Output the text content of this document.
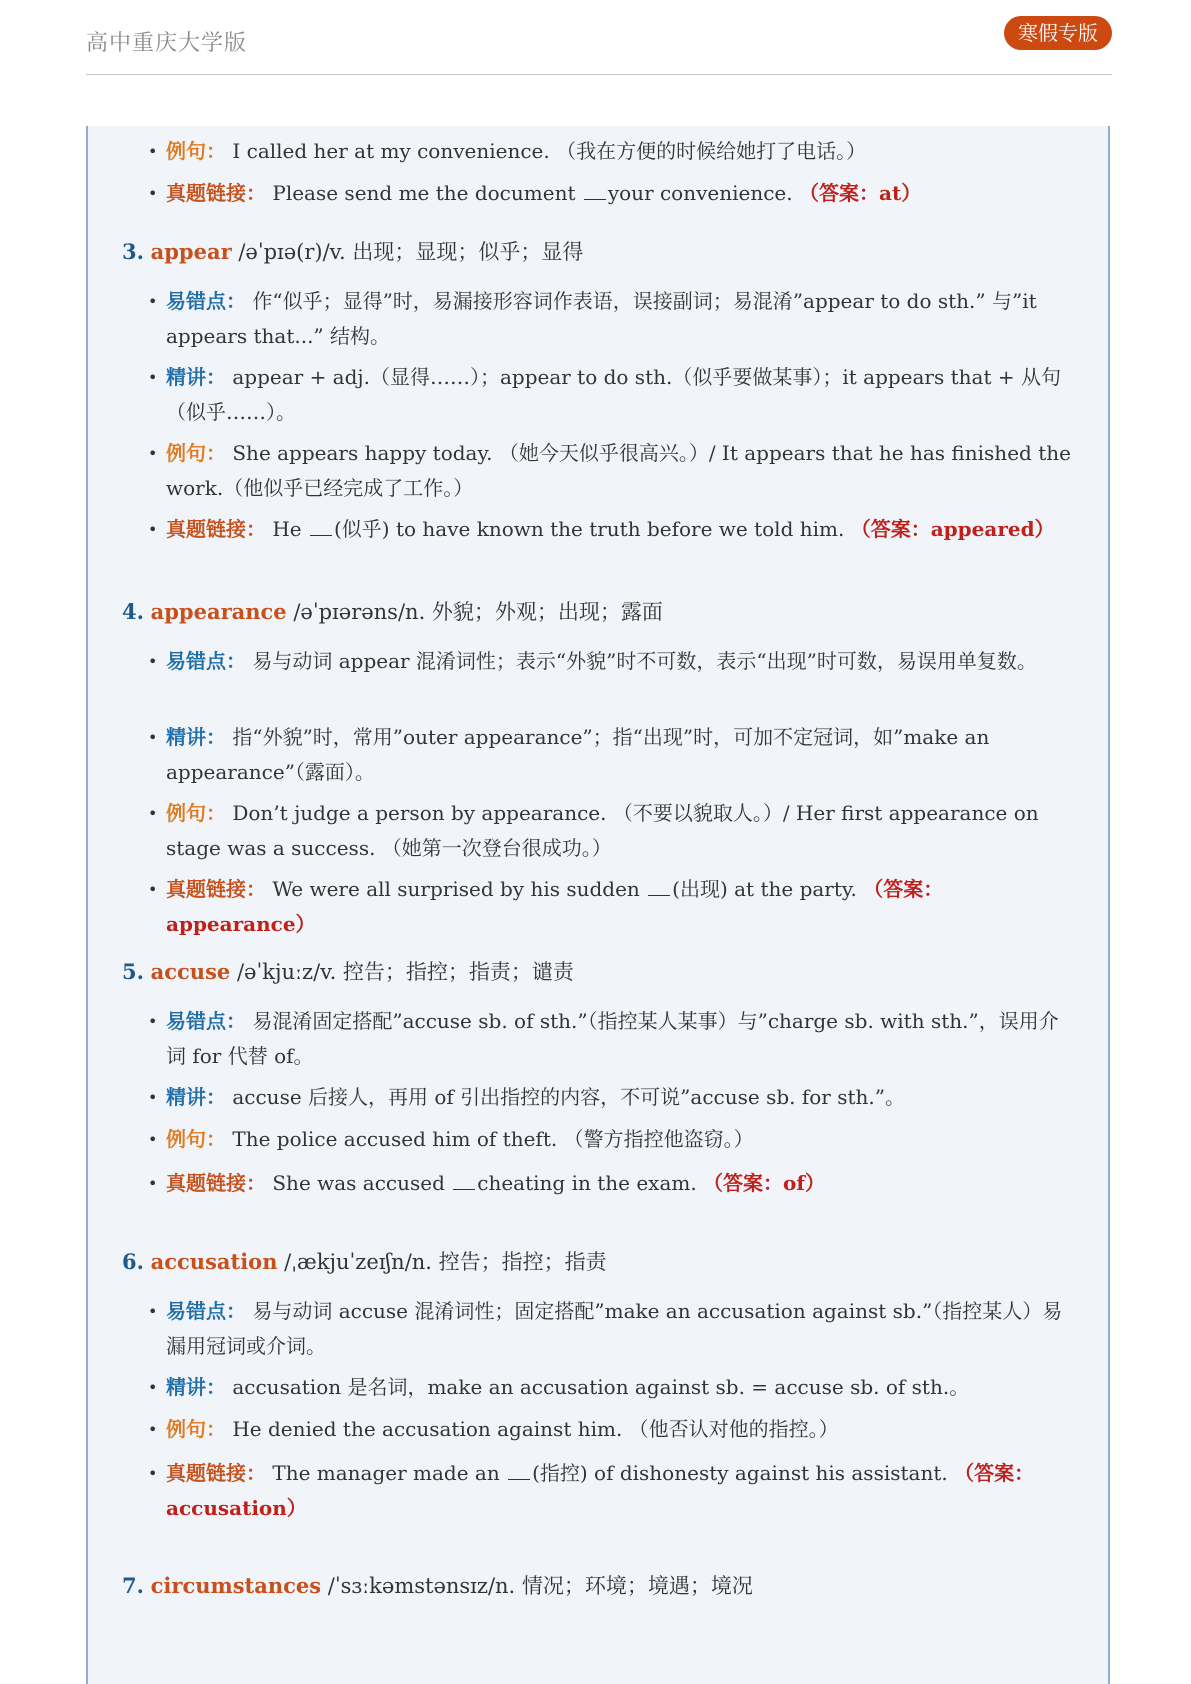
高中重庆大学版	寒假专版
• 例句： I called her at my convenience. （我在方便的时候给她打了电话。）
• 真题链接： Please send me the document your convenience. （答案：at）
3. appear /əˈpɪə(r)/v. 出现；显现；似乎；显得
• 易错点： 作“似乎；显得”时，易漏接形容词作表语，误接副词；易混淆”appear to do sth.” 与”it appears that...” 结构。
• 精讲： appear + adj.（显得……）；appear to do sth.（似乎要做某事）；it appears that + 从句（似乎……）。
• 例句： She appears happy today. （她今天似乎很高兴。）/ It appears that he has finished the work.（他似乎已经完成了工作。）
• 真题链接： He (似乎) to have known the truth before we told him. （答案：appeared）
4. appearance /əˈpɪərəns/n. 外貌；外观；出现；露面
• 易错点： 易与动词 appear 混淆词性；表示“外貌”时不可数，表示“出现”时可数，易误用单复数。
• 精讲： 指“外貌”时，常用”outer appearance”；指“出现”时，可加不定冠词，如”make an appearance”（露面）。
• 例句： Don’t judge a person by appearance. （不要以貌取人。）/ Her first appearance on stage was a success. （她第一次登台很成功。）
• 真题链接： We were all surprised by his sudden (出现) at the party. （答案：appearance）
5. accuse /əˈkjuːz/v. 控告；指控；指责；谴责
• 易错点： 易混淆固定搭配”accuse sb. of sth.”（指控某人某事）与”charge sb. with sth.”，误用介词 for 代替 of。
• 精讲： accuse 后接人，再用 of 引出指控的内容，不可说”accuse sb. for sth.”。
• 例句： The police accused him of theft. （警方指控他盗窃。）
• 真题链接： She was accused cheating in the exam. （答案：of）
6. accusation /ˌækjuˈzeɪʃn/n. 控告；指控；指责
• 易错点： 易与动词 accuse 混淆词性；固定搭配”make an accusation against sb.”（指控某人）易漏用冠词或介词。
• 精讲： accusation 是名词，make an accusation against sb. = accuse sb. of sth.。
• 例句： He denied the accusation against him. （他否认对他的指控。）
• 真题链接： The manager made an (指控) of dishonesty against his assistant. （答案：accusation）
7. circumstances /ˈsɜːkəmstənsɪz/n. 情况；环境；境遇；境况
